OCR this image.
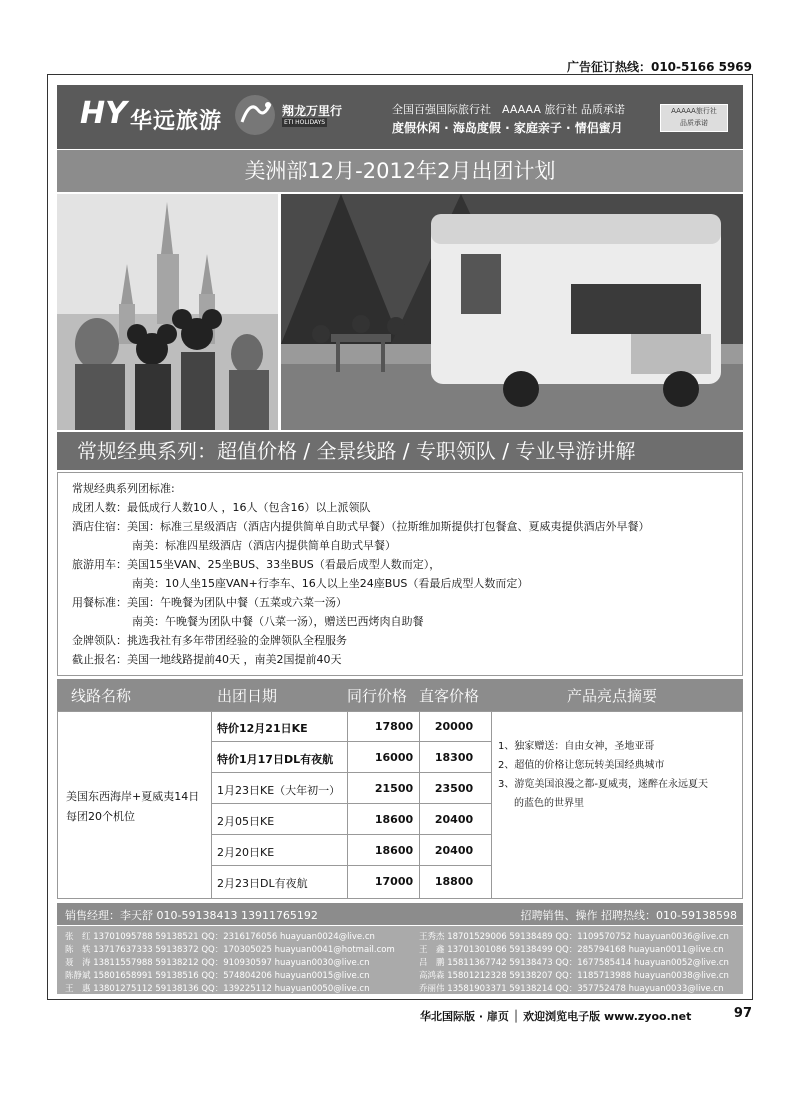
广告征订热线：010-5166 5969
HY 华远旅游	翔龙万里行
ETI HOLIDAYS
全国百强国际旅行社　AAAAA 旅行社 品质承诺
度假休闲 · 海岛度假 · 家庭亲子 · 情侣蜜月
AAAAA旅行社
品质承诺
美洲部12月-2012年2月出团计划
常规经典系列：超值价格 / 全景线路 / 专职领队 / 专业导游讲解
常规经典系列团标准:
成团人数：最低成行人数10人 ，16人（包含16）以上派领队
酒店住宿：美国：标准三星级酒店（酒店内提供简单自助式早餐）（拉斯维加斯提供打包餐盒、夏威夷提供酒店外早餐）
南美：标准四星级酒店（酒店内提供简单自助式早餐）
旅游用车：美国15坐VAN、25坐BUS、33坐BUS（看最后成型人数而定），
南美：10人坐15座VAN+行李车、16人以上坐24座BUS（看最后成型人数而定）
用餐标准：美国：午晚餐为团队中餐（五菜或六菜一汤）
南美：午晚餐为团队中餐（八菜一汤），赠送巴西烤肉自助餐
金牌领队：挑选我社有多年带团经验的金牌领队全程服务
截止报名：美国一地线路提前40天 ，南美2国提前40天
线路名称	出团日期	同行价格 直客价格	产品亮点摘要
美国东西海岸+夏威夷14日
每团20个机位
特价12月21日KE	17800	20000
特价1月17日DL有夜航	16000	18300
1月23日KE（大年初一）	21500	23500
2月05日KE	18600	20400
2月20日KE	18600	20400
2月23日DL有夜航	17000	18800
1、独家赠送：自由女神，圣地亚哥
2、超值的价格让您玩转美国经典城市
3、游览美国浪漫之都-夏威夷，迷醉在永远夏天
的蓝色的世界里
销售经理：李天舒 010-59138413 13911765192	招聘销售、操作 招聘热线：010-59138598
张　红 13701095788 59138521 QQ：2316176056 huayuan0024@live.cn
陈　轶 13717637333 59138372 QQ：170305025 huayuan0041@hotmail.com
聂　涛 13811557988 59138212 QQ：910930597 huayuan0030@live.cn
陈静斌 15801658991 59138516 QQ：574804206 huayuan0015@live.cn
王　惠 13801275112 59138136 QQ：139225112 huayuan0050@live.cn
王秀杰 18701529006 59138489 QQ：1109570752 huayuan0036@live.cn
王　鑫 13701301086 59138499 QQ：285794168 huayuan0011@live.cn
吕　鹏 15811367742 59138473 QQ：1677585414 huayuan0052@live.cn
高鸿森 15801212328 59138207 QQ：1185713988 huayuan0038@live.cn
乔丽伟 13581903371 59138214 QQ：357752478 huayuan0033@live.cn
华北国际版 · 扉页 │ 欢迎浏览电子版 www.zyoo.net	97
